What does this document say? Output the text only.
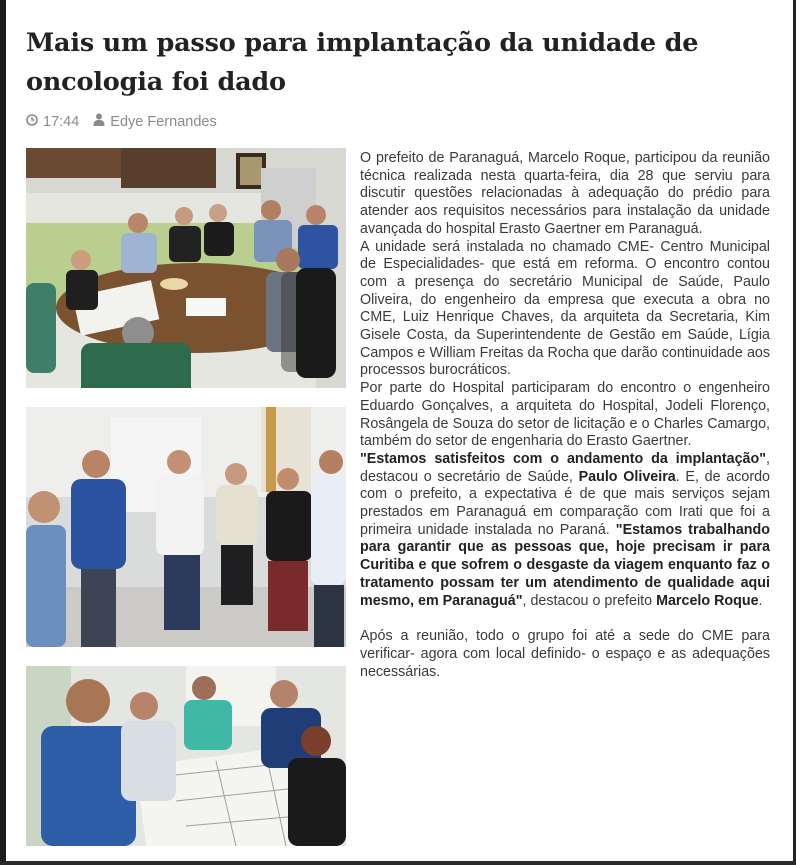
Mais um passo para implantação da unidade de oncologia foi dado
17:44 Edye Fernandes

O prefeito de Paranaguá, Marcelo Roque, participou da reunião técnica realizada nesta quarta-feira, dia 28 que serviu para discutir questões relacionadas à adequação do prédio para atender aos requisitos necessários para instalação da unidade avançada do hospital Erasto Gaertner em Paranaguá.

A unidade será instalada no chamado CME- Centro Municipal de Especialidades- que está em reforma. O encontro contou com a presença do secretário Municipal de Saúde, Paulo Oliveira, do engenheiro da empresa que executa a obra no CME, Luiz Henrique Chaves, da arquiteta da Secretaria, Kim Gisele Costa, da Superintendente de Gestão em Saúde, Lígia Campos e William Freitas da Rocha que darão continuidade aos processos burocráticos.

Por parte do Hospital participaram do encontro o engenheiro Eduardo Gonçalves, a arquiteta do Hospital, Jodeli Florenço, Rosângela de Souza do setor de licitação e o Charles Camargo, também do setor de engenharia do Erasto Gaertner.

"Estamos satisfeitos com o andamento da implantação", destacou o secretário de Saúde, Paulo Oliveira. E, de acordo com o prefeito, a expectativa é de que mais serviços sejam prestados em Paranaguá em comparação com Irati que foi a primeira unidade instalada no Paraná. "Estamos trabalhando para garantir que as pessoas que, hoje precisam ir para Curitiba e que sofrem o desgaste da viagem enquanto faz o tratamento possam ter um atendimento de qualidade aqui mesmo, em Paranaguá", destacou o prefeito Marcelo Roque.

Após a reunião, todo o grupo foi até a sede do CME para verificar- agora com local definido- o espaço e as adequações necessárias.
